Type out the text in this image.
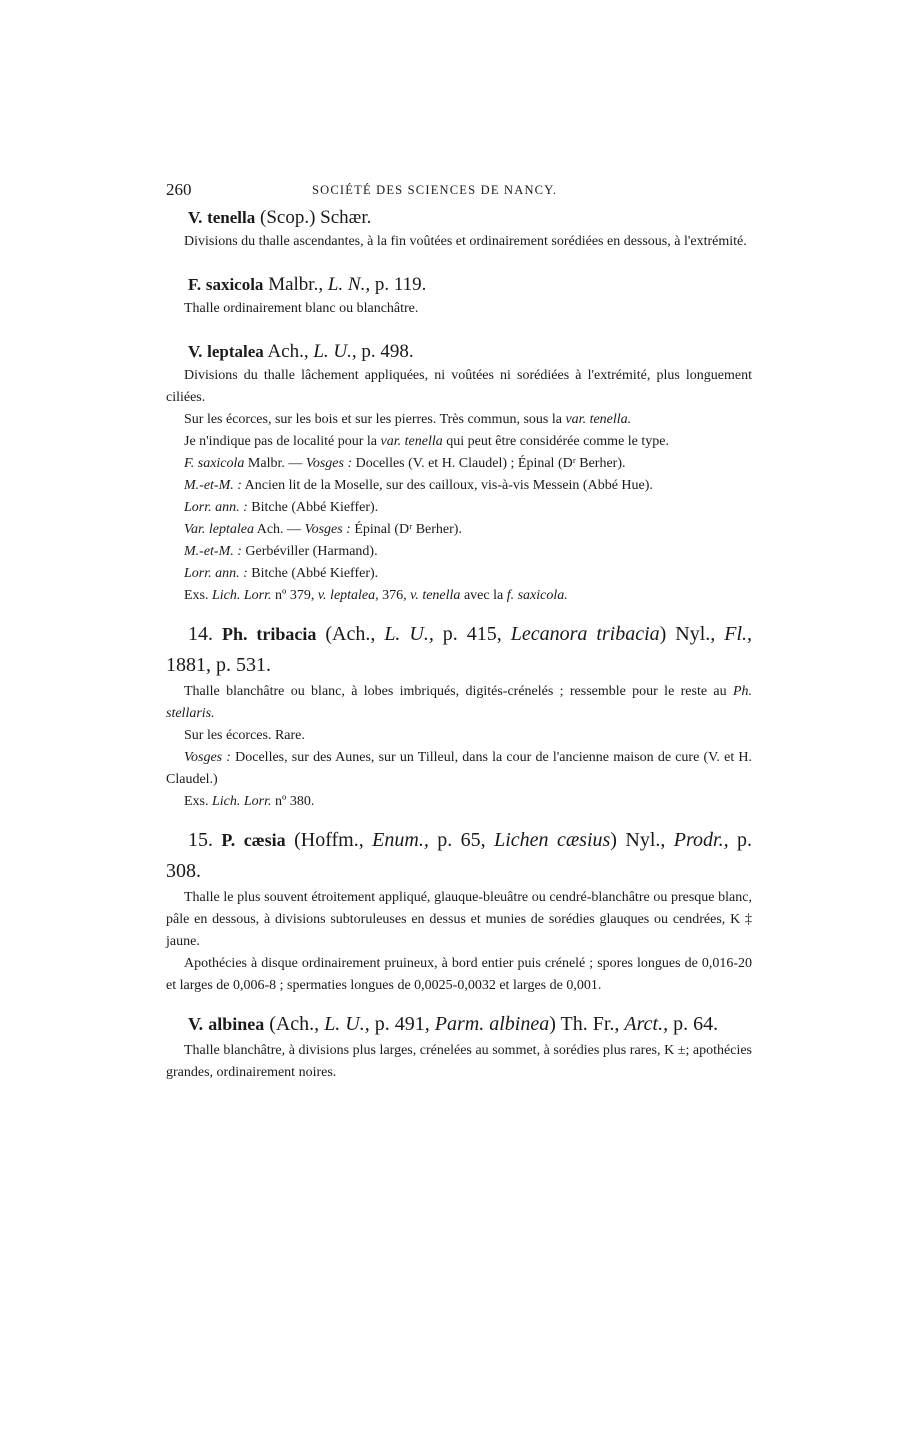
260	SOCIÉTÉ DES SCIENCES DE NANCY.
V. tenella (Scop.) Schær.

Divisions du thalle ascendantes, à la fin voûtées et ordinairement sorédiées en dessous, à l'extrémité.

F. saxicola Malbr., L. N., p. 119.

Thalle ordinairement blanc ou blanchâtre.

V. leptalea Ach., L. U., p. 498.

Divisions du thalle lâchement appliquées, ni voûtées ni sorédiées à l'extrémité, plus longuement ciliées.

Sur les écorces, sur les bois et sur les pierres. Très commun, sous la var. tenella.

Je n'indique pas de localité pour la var. tenella qui peut être considérée comme le type.

F. saxicola Malbr. — Vosges : Docelles (V. et H. Claudel) ; Épinal (Dʳ Berher).

M.-et-M. : Ancien lit de la Moselle, sur des cailloux, vis-à-vis Messein (Abbé Hue).

Lorr. ann. : Bitche (Abbé Kieffer).

Var. leptalea Ach. — Vosges : Épinal (Dʳ Berher).

M.-et-M. : Gerbéviller (Harmand).

Lorr. ann. : Bitche (Abbé Kieffer).

Exs. Lich. Lorr. nº 379, v. leptalea, 376, v. tenella avec la f. saxicola.

14. Ph. tribacia (Ach., L. U., p. 415, Lecanora tribacia) Nyl., Fl., 1881, p. 531.

Thalle blanchâtre ou blanc, à lobes imbriqués, digités-crénelés ; ressemble pour le reste au Ph. stellaris.

Sur les écorces. Rare.

Vosges : Docelles, sur des Aunes, sur un Tilleul, dans la cour de l'ancienne maison de cure (V. et H. Claudel.)

Exs. Lich. Lorr. nº 380.

15. P. cæsia (Hoffm., Enum., p. 65, Lichen cæsius) Nyl., Prodr., p. 308.

Thalle le plus souvent étroitement appliqué, glauque-bleuâtre ou cendré-blanchâtre ou presque blanc, pâle en dessous, à divisions subtoruleuses en dessus et munies de sorédies glauques ou cendrées, K ‡ jaune.

Apothécies à disque ordinairement pruineux, à bord entier puis crénelé ; spores longues de 0,016-20 et larges de 0,006-8 ; spermaties longues de 0,0025-0,0032 et larges de 0,001.

V. albinea (Ach., L. U., p. 491, Parm. albinea) Th. Fr., Arct., p. 64.

Thalle blanchâtre, à divisions plus larges, crénelées au sommet, à sorédies plus rares, K ±; apothécies grandes, ordinairement noires.
